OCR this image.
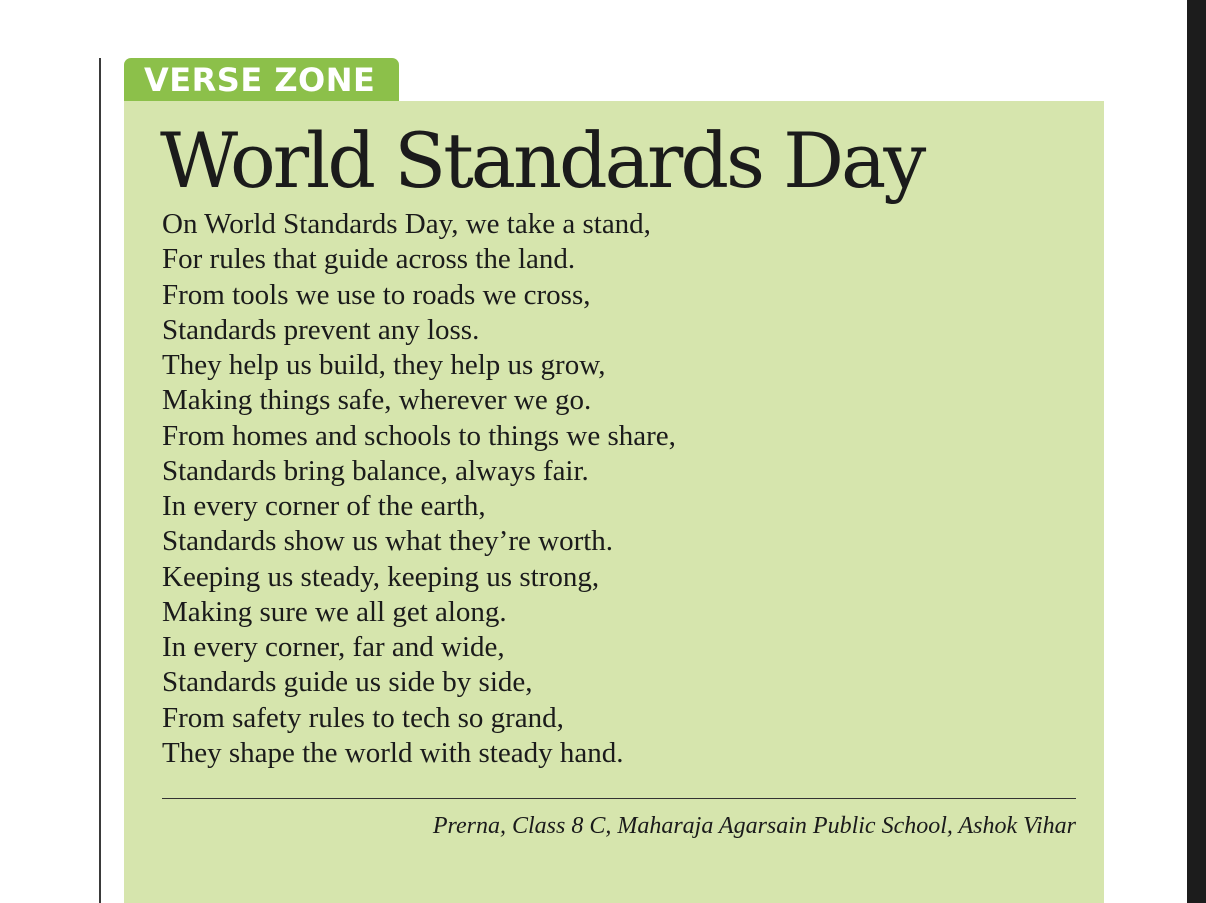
VERSE ZONE
World Standards Day
On World Standards Day, we take a stand,
For rules that guide across the land.
From tools we use to roads we cross,
Standards prevent any loss.
They help us build, they help us grow,
Making things safe, wherever we go.
From homes and schools to things we share,
Standards bring balance, always fair.
In every corner of the earth,
Standards show us what they’re worth.
Keeping us steady, keeping us strong,
Making sure we all get along.
In every corner, far and wide,
Standards guide us side by side,
From safety rules to tech so grand,
They shape the world with steady hand.
Prerna, Class 8 C, Maharaja Agarsain Public School, Ashok Vihar
